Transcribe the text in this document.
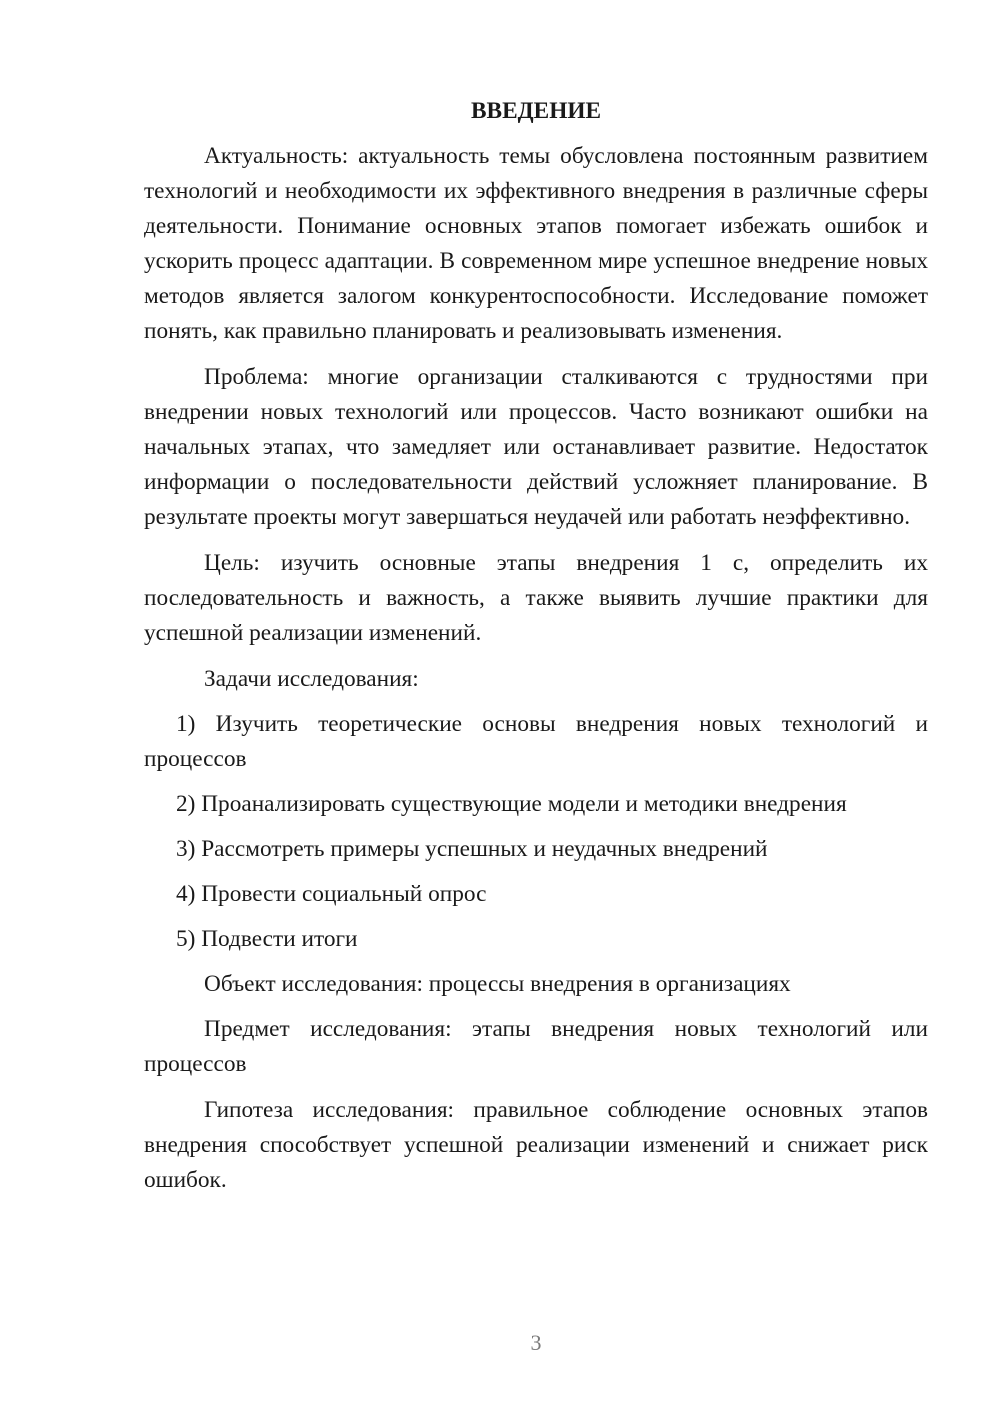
ВВЕДЕНИЕ

Актуальность: актуальность темы обусловлена постоянным развитием технологий и необходимости их эффективного внедрения в различные сферы деятельности. Понимание основных этапов помогает избежать ошибок и ускорить процесс адаптации. В современном мире успешное внедрение новых методов является залогом конкурентоспособности. Исследование поможет понять, как правильно планировать и реализовывать изменения.

Проблема: многие организации сталкиваются с трудностями при внедрении новых технологий или процессов. Часто возникают ошибки на начальных этапах, что замедляет или останавливает развитие. Недостаток информации о последовательности действий усложняет планирование. В результате проекты могут завершаться неудачей или работать неэффективно.

Цель: изучить основные этапы внедрения 1 с, определить их последовательность и важность, а также выявить лучшие практики для успешной реализации изменений.

Задачи исследования:

1) Изучить теоретические основы внедрения новых технологий и процессов

2) Проанализировать существующие модели и методики внедрения

3) Рассмотреть примеры успешных и неудачных внедрений

4) Провести социальный опрос

5) Подвести итоги

Объект исследования: процессы внедрения в организациях

Предмет исследования: этапы внедрения новых технологий или процессов

Гипотеза исследования: правильное соблюдение основных этапов внедрения способствует успешной реализации изменений и снижает риск ошибок.

3
